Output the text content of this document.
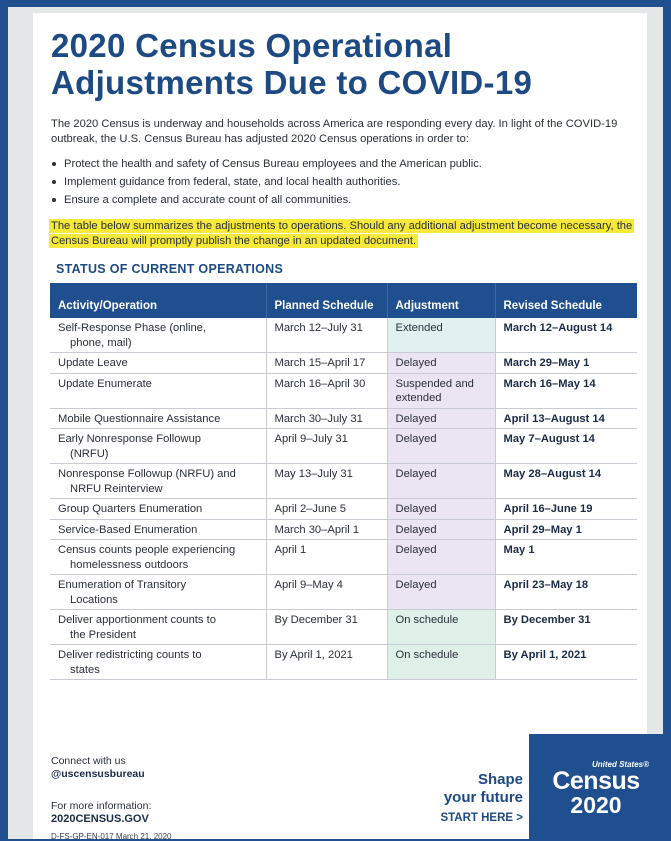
2020 Census Operational
Adjustments Due to COVID-19

The 2020 Census is underway and households across America are responding every day. In light of the COVID-19 outbreak, the U.S. Census Bureau has adjusted 2020 Census operations in order to:

Protect the health and safety of Census Bureau employees and the American public.
Implement guidance from federal, state, and local health authorities.
Ensure a complete and accurate count of all communities.

The table below summarizes the adjustments to operations. Should any additional adjustment become necessary, the Census Bureau will promptly publish the change in an updated document.

STATUS OF CURRENT OPERATIONS
Activity/Operation	Planned Schedule	Adjustment	Revised Schedule
Self-Response Phase (online,
phone, mail)	March 12–July 31	Extended	March 12–August 14
Update Leave	March 15–April 17	Delayed	March 29–May 1
Update Enumerate	March 16–April 30	Suspended and
extended	March 16–May 14
Mobile Questionnaire Assistance	March 30–July 31	Delayed	April 13–August 14
Early Nonresponse Followup
(NRFU)	April 9–July 31	Delayed	May 7–August 14
Nonresponse Followup (NRFU) and
NRFU Reinterview	May 13–July 31	Delayed	May 28–August 14
Group Quarters Enumeration	April 2–June 5	Delayed	April 16–June 19
Service-Based Enumeration	March 30–April 1	Delayed	April 29–May 1
Census counts people experiencing
homelessness outdoors	April 1	Delayed	May 1
Enumeration of Transitory
Locations	April 9–May 4	Delayed	April 23–May 18
Deliver apportionment counts to
the President	By December 31	On schedule	By December 31
Deliver redistricting counts to
states	By April 1, 2021	On schedule	By April 1, 2021
Connect with us
@uscensusbureau
For more information:
2020CENSUS.GOV
D-FS-GP-EN-017 March 21, 2020
Shape
your future
START HERE >
United States®
Census
2020
